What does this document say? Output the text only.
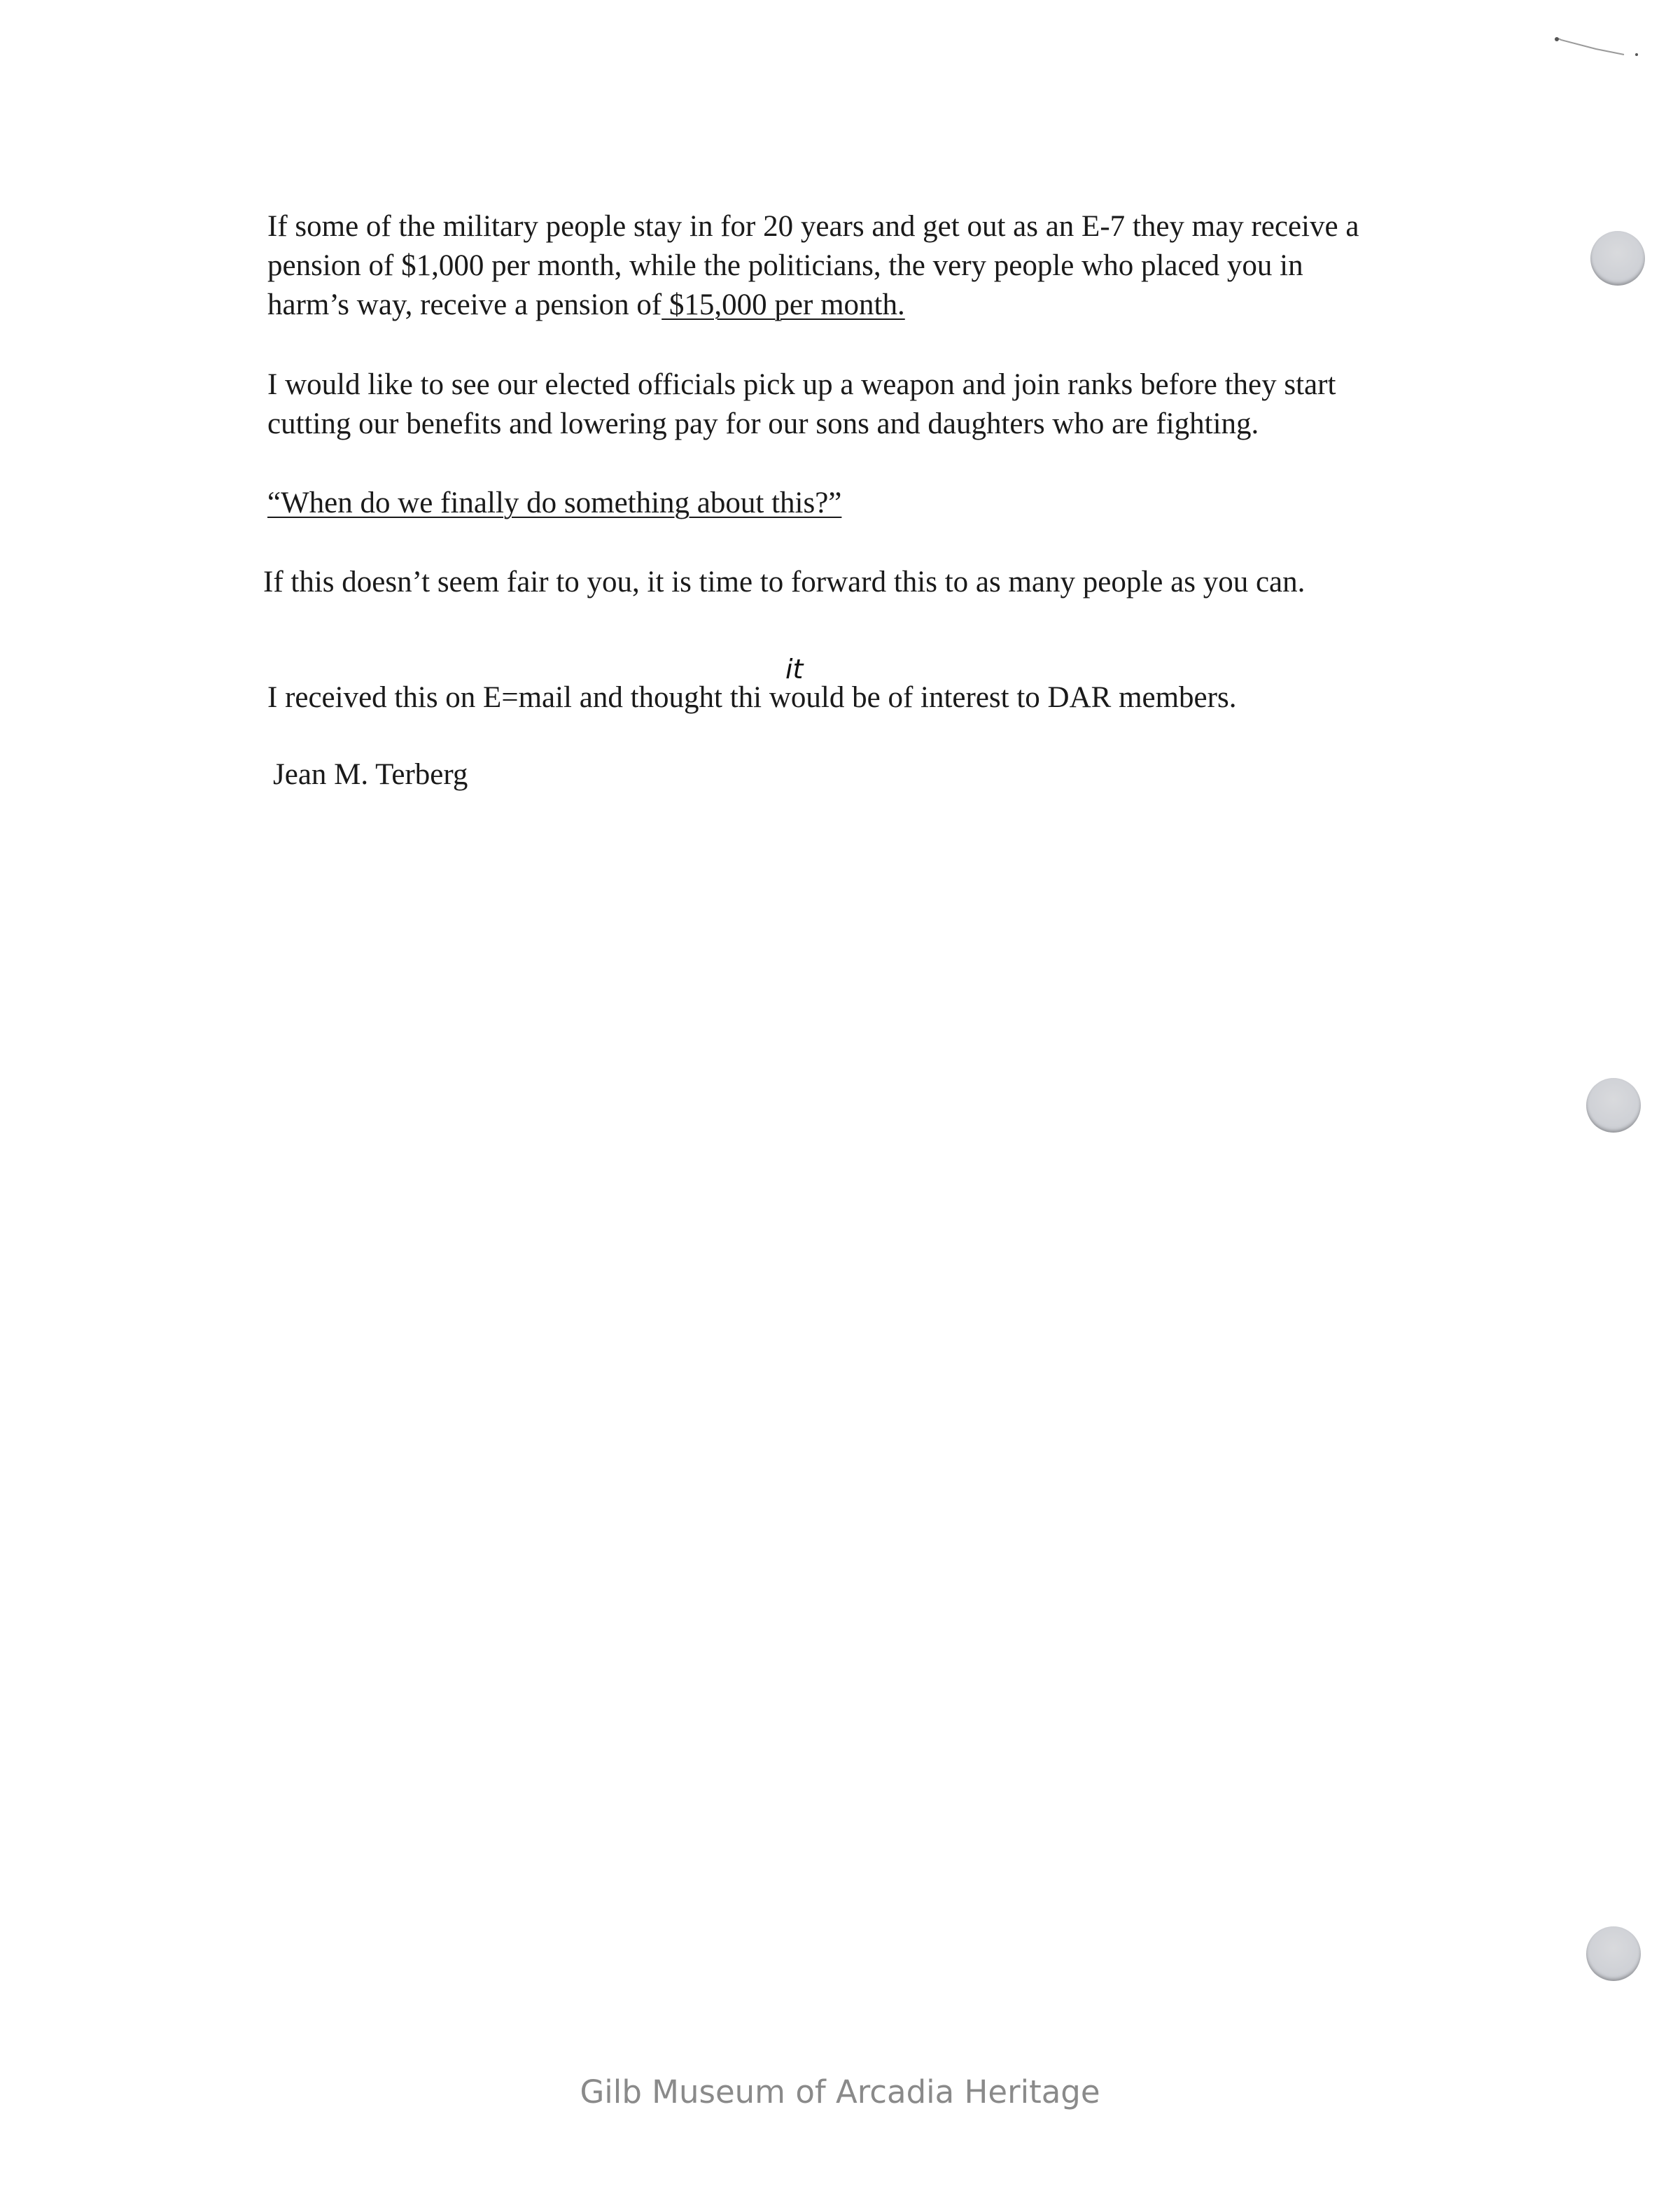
If some of the military people stay in for 20 years and get out as an E-7 they may receive a
pension of $1,000 per month, while the politicians, the very people who placed you in
harm’s way, receive a pension of $15,000 per month.
I would like to see our elected officials pick up a weapon and join ranks before they start
cutting our benefits and lowering pay for our sons and daughters who are fighting.
“When do we finally do something about this?”
If this doesn’t seem fair to you, it is time to forward this to as many people as you can.
it
I received this on E=mail and thought thi would be of interest to DAR members.
Jean M. Terberg
Gilb Museum of Arcadia Heritage
